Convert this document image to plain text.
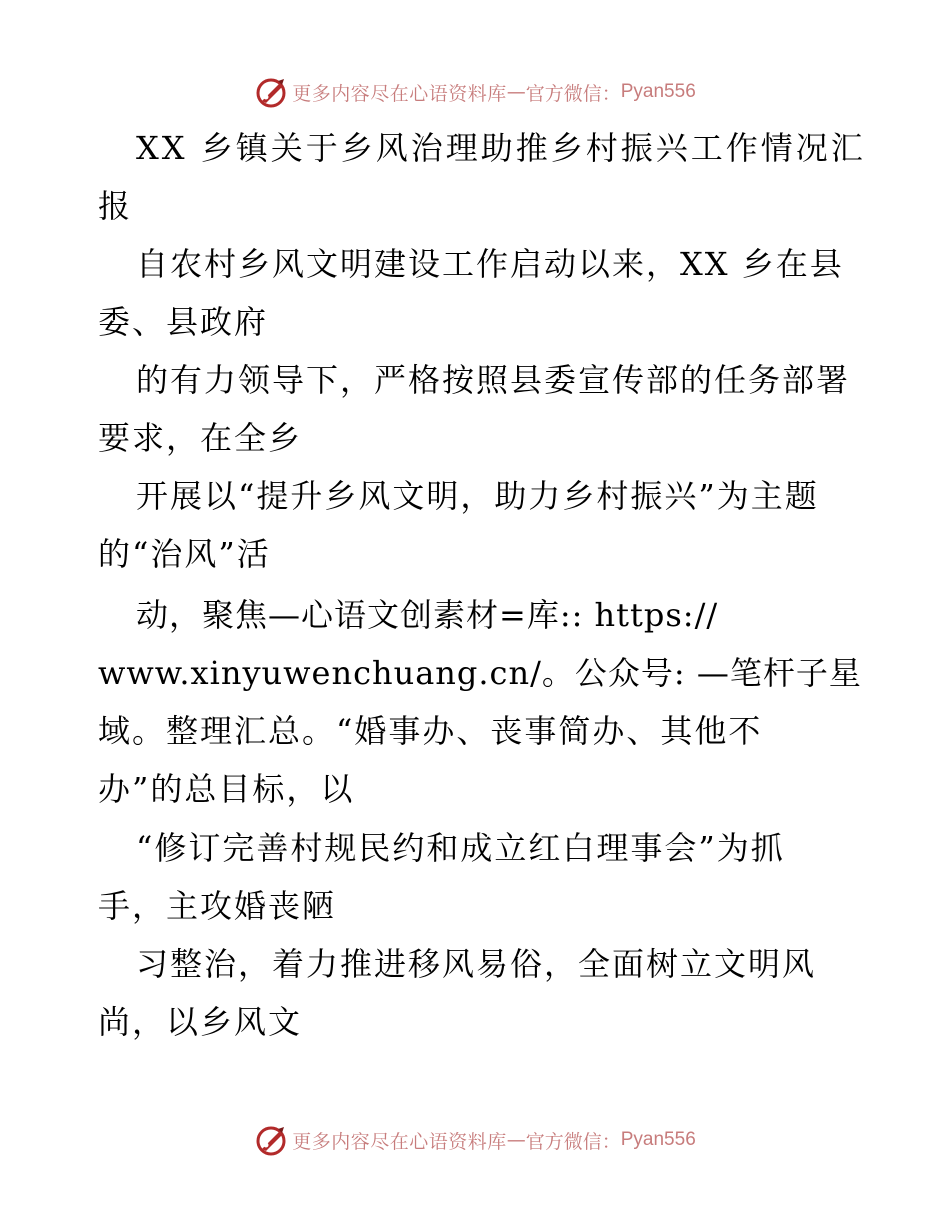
更多内容尽在心语资料库 — 官方微信： Pyan556
XX 乡镇关于乡风治理助推乡村振兴工作情况汇
报
自农村乡风文明建设工作启动以来，XX 乡在县
委、县政府
的有力领导下，严格按照县委宣传部的任务部署
要求，在全乡
开展以“提升乡风文明，助力乡村振兴”为主题
的“治风”活
动，聚焦—心语文创素材=库:: https://
www.xinyuwenchuang.cn/。公众号: —笔杆子星
域。整理汇总。“婚事办、丧事简办、其他不
办”的总目标，以
“修订完善村规民约和成立红白理事会”为抓
手，主攻婚丧陋
习整治，着力推进移风易俗，全面树立文明风
尚，以乡风文
更多内容尽在心语资料库 — 官方微信： Pyan556
